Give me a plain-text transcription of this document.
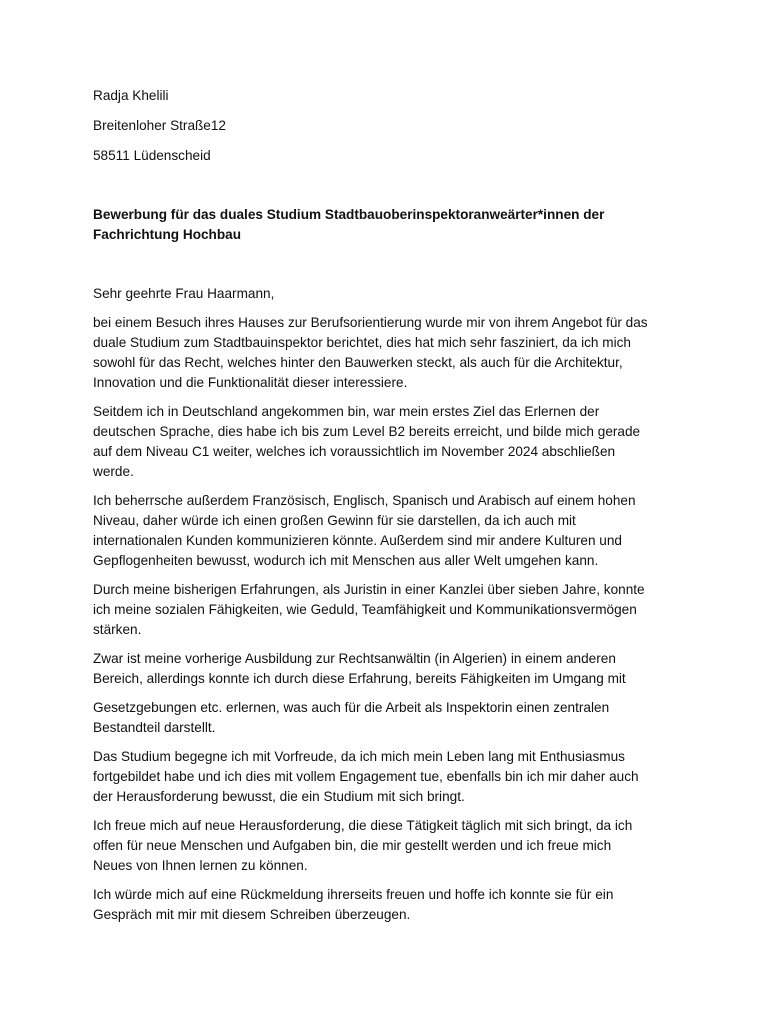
Radja Khelili
Breitenloher Straße12
58511 Lüdenscheid
Bewerbung für das duales Studium Stadtbauoberinspektoranweärter*innen der
Fachrichtung Hochbau
Sehr geehrte Frau Haarmann,
bei einem Besuch ihres Hauses zur Berufsorientierung wurde mir von ihrem Angebot für das
duale Studium zum Stadtbauinspektor berichtet, dies hat mich sehr fasziniert, da ich mich
sowohl für das Recht, welches hinter den Bauwerken steckt, als auch für die Architektur,
Innovation und die Funktionalität dieser interessiere.
Seitdem ich in Deutschland angekommen bin, war mein erstes Ziel das Erlernen der
deutschen Sprache, dies habe ich bis zum Level B2 bereits erreicht, und bilde mich gerade
auf dem Niveau C1 weiter, welches ich voraussichtlich im November 2024 abschließen
werde.
Ich beherrsche außerdem Französisch, Englisch, Spanisch und Arabisch auf einem hohen
Niveau, daher würde ich einen großen Gewinn für sie darstellen, da ich auch mit
internationalen Kunden kommunizieren könnte. Außerdem sind mir andere Kulturen und
Gepflogenheiten bewusst, wodurch ich mit Menschen aus aller Welt umgehen kann.
Durch meine bisherigen Erfahrungen, als Juristin in einer Kanzlei über sieben Jahre, konnte
ich meine sozialen Fähigkeiten, wie Geduld, Teamfähigkeit und Kommunikationsvermögen
stärken.
Zwar ist meine vorherige Ausbildung zur Rechtsanwältin (in Algerien) in einem anderen
Bereich, allerdings konnte ich durch diese Erfahrung, bereits Fähigkeiten im Umgang mit
Gesetzgebungen etc. erlernen, was auch für die Arbeit als Inspektorin einen zentralen
Bestandteil darstellt.
Das Studium begegne ich mit Vorfreude, da ich mich mein Leben lang mit Enthusiasmus
fortgebildet habe und ich dies mit vollem Engagement tue, ebenfalls bin ich mir daher auch
der Herausforderung bewusst, die ein Studium mit sich bringt.
Ich freue mich auf neue Herausforderung, die diese Tätigkeit täglich mit sich bringt, da ich
offen für neue Menschen und Aufgaben bin, die mir gestellt werden und ich freue mich
Neues von Ihnen lernen zu können.
Ich würde mich auf eine Rückmeldung ihrerseits freuen und hoffe ich konnte sie für ein
Gespräch mit mir mit diesem Schreiben überzeugen.
